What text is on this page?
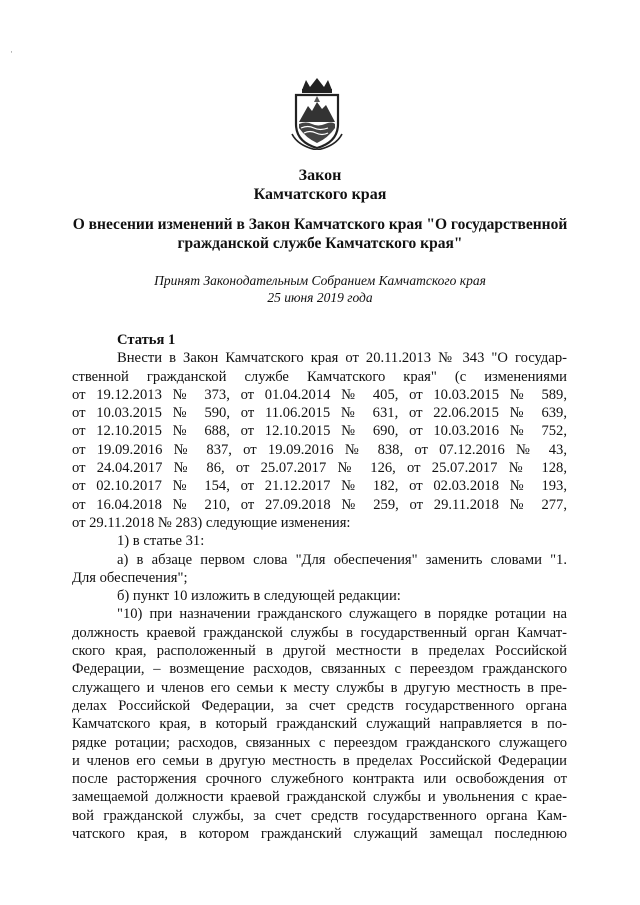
·
Закон
Камчатского края
О внесении изменений в Закон Камчатского края "О государственной
гражданской службе Камчатского края"
Принят Законодательным Собранием Камчатского края
25 июня 2019 года

Статья 1

Внести в Закон Камчатского края от 20.11.2013 № 343 "О государ-

ственной гражданской службе Камчатского края" (с изменениями

от 19.12.2013 № 373, от 01.04.2014 № 405, от 10.03.2015 № 589,

от 10.03.2015 № 590, от 11.06.2015 № 631, от 22.06.2015 № 639,

от 12.10.2015 № 688, от 12.10.2015 № 690, от 10.03.2016 № 752,

от 19.09.2016 № 837, от 19.09.2016 № 838, от 07.12.2016 № 43,

от 24.04.2017 № 86, от 25.07.2017 № 126, от 25.07.2017 № 128,

от 02.10.2017 № 154, от 21.12.2017 № 182, от 02.03.2018 № 193,

от 16.04.2018 № 210, от 27.09.2018 № 259, от 29.11.2018 № 277,

от 29.11.2018 № 283) следующие изменения:

1) в статье 31:

а) в абзаце первом слова "Для обеспечения" заменить словами "1.

Для обеспечения";

б) пункт 10 изложить в следующей редакции:

"10) при назначении гражданского служащего в порядке ротации на

должность краевой гражданской службы в государственный орган Камчат-

ского края, расположенный в другой местности в пределах Российской

Федерации, – возмещение расходов, связанных с переездом гражданского

служащего и членов его семьи к месту службы в другую местность в пре-

делах Российской Федерации, за счет средств государственного органа

Камчатского края, в который гражданский служащий направляется в по-

рядке ротации; расходов, связанных с переездом гражданского служащего

и членов его семьи в другую местность в пределах Российской Федерации

после расторжения срочного служебного контракта или освобождения от

замещаемой должности краевой гражданской службы и увольнения с крае-

вой гражданской службы, за счет средств государственного органа Кам-

чатского края, в котором гражданский служащий замещал последнюю
